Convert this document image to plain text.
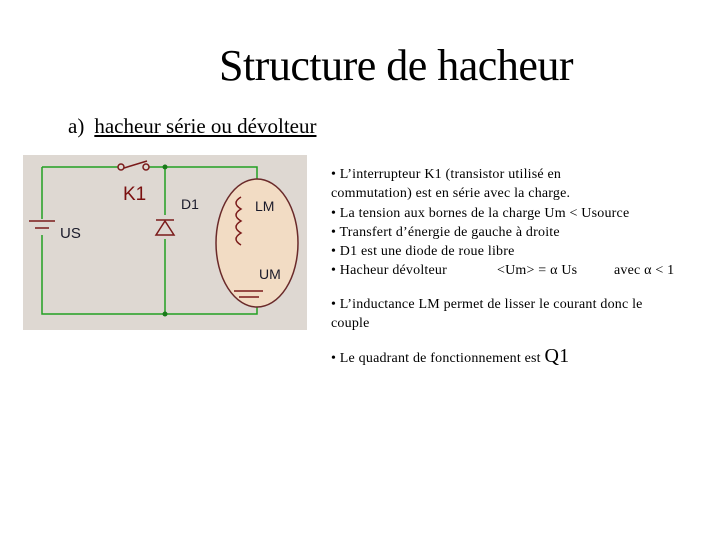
Structure de hacheur
a) hacheur série ou dévolteur
K1
US
D1	LM
UM
• L’interrupteur K1 (transistor utilisé en
commutation) est en série avec la charge.
• La tension aux bornes de la charge Um < Usource
• Transfert d’énergie de gauche à droite
• D1 est une diode de roue libre
• Hacheur dévolteur	<Um> = α Us	avec α < 1
• L’inductance LM permet de lisser le courant donc le
couple
• Le quadrant de fonctionnement est Q1
